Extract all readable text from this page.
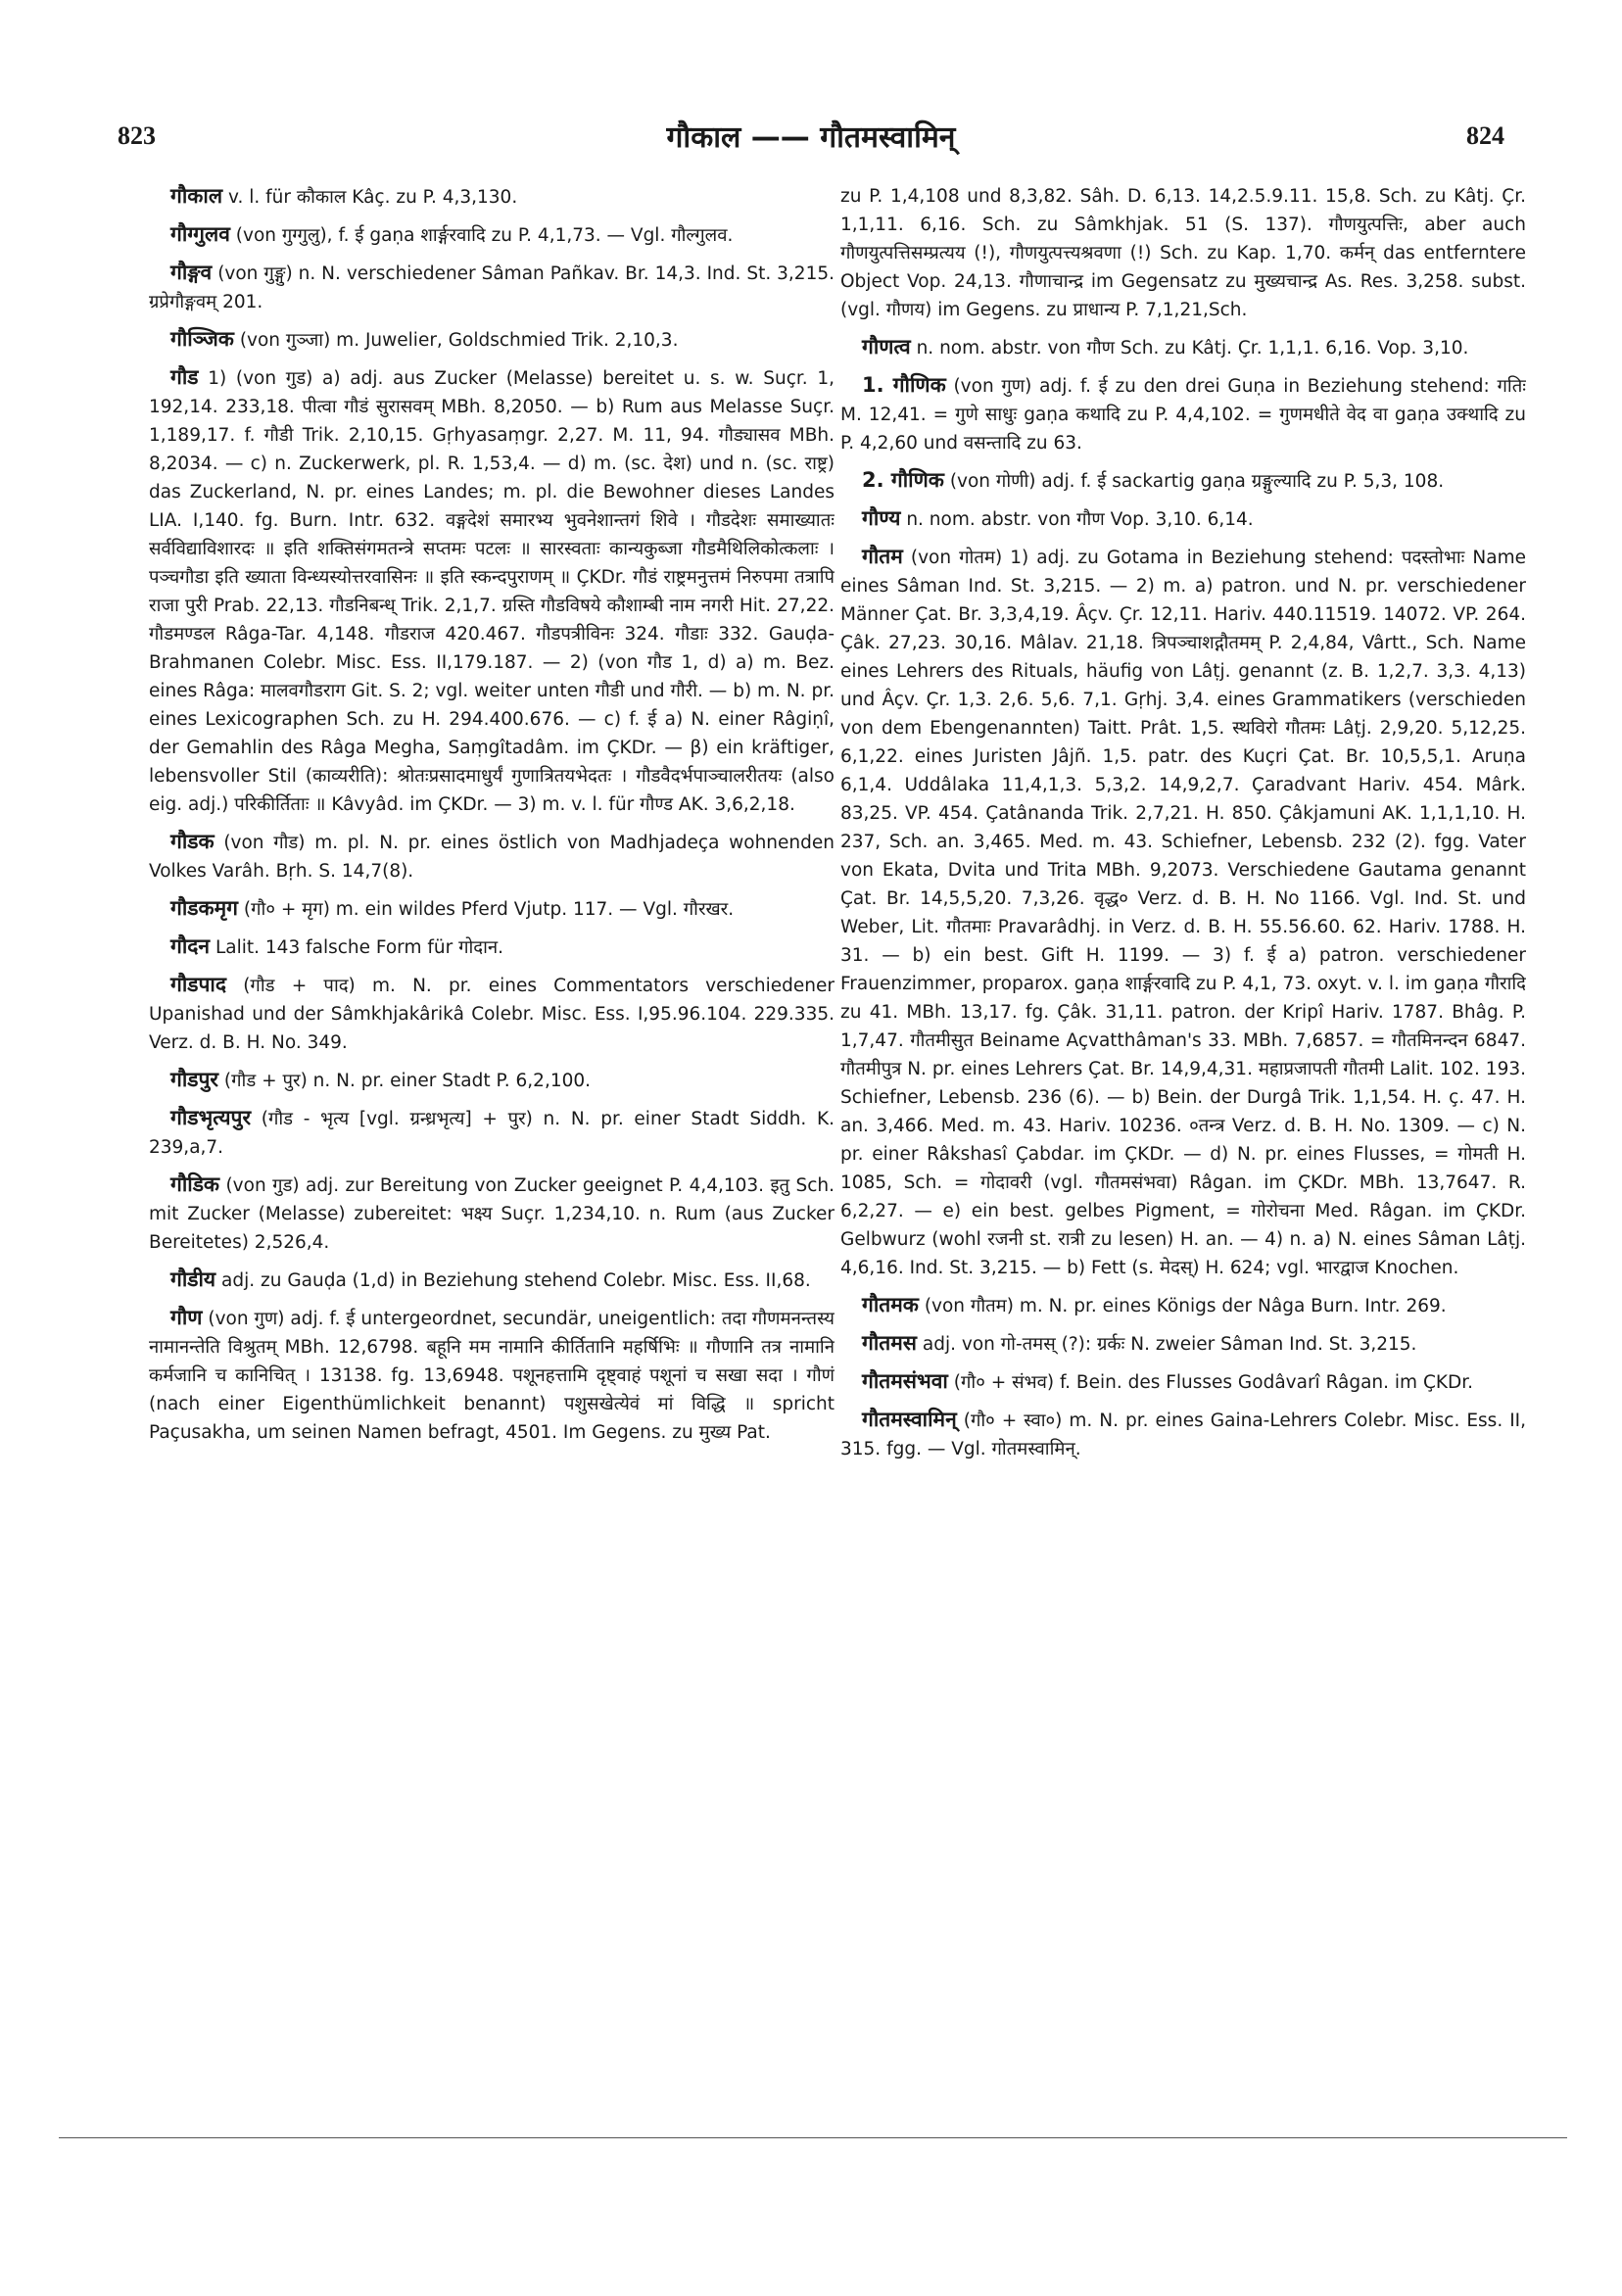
823	गौकाल —— गौतमस्वामिन्	824

गौकाल v. l. für कौकाल Kâç. zu P. 4,3,130.

गौग्गुलव (von गुग्गुलु), f. ई gaṇa शार्ङ्गरवादि zu P. 4,1,73. — Vgl. गौल्गुलव.

गौङ्गव (von गुङ्गु) n. N. verschiedener Sâman Pañkav. Br. 14,3. Ind. St. 3,215. ग्रप्रेगौङ्गवम् 201.

गौञ्जिक (von गुञ्जा) m. Juwelier, Goldschmied Trik. 2,10,3.

गौड 1) (von गुड) a) adj. aus Zucker (Melasse) bereitet u. s. w. Suçr. 1, 192,14. 233,18. पीत्वा गौडं सुरासवम् MBh. 8,2050. — b) Rum aus Melasse Suçr. 1,189,17. f. गौडी Trik. 2,10,15. Gṛhyasaṃgr. 2,27. M. 11, 94. गौड्यासव MBh. 8,2034. — c) n. Zuckerwerk, pl. R. 1,53,4. — d) m. (sc. देश) und n. (sc. राष्ट्र) das Zuckerland, N. pr. eines Landes; m. pl. die Bewohner dieses Landes LIA. I,140. fg. Burn. Intr. 632. वङ्गदेशं समारभ्य भुवनेशान्तगं शिवे । गौडदेशः समाख्यातः सर्वविद्याविशारदः ॥ इति शक्तिसंगमतन्त्रे सप्तमः पटलः ॥ सारस्वताः कान्यकुब्जा गौडमैथिलिकोत्कलाः । पञ्चगौडा इति ख्याता विन्ध्यस्योत्तरवासिनः ॥ इति स्कन्दपुराणम् ॥ ÇKDr. गौडं राष्ट्रमनुत्तमं निरुपमा तत्रापि राजा पुरी Prab. 22,13. गौडनिबन्ध् Trik. 2,1,7. ग्रस्ति गौडविषये कौशाम्बी नाम नगरी Hit. 27,22. गौडमण्डल Râga-Tar. 4,148. गौडराज 420.467. गौडपत्रीविनः 324. गौडाः 332. Gauḍa-Brahmanen Colebr. Misc. Ess. II,179.187. — 2) (von गौड 1, d) a) m. Bez. eines Râga: मालवगौडराग Git. S. 2; vgl. weiter unten गौडी und गौरी. — b) m. N. pr. eines Lexicographen Sch. zu H. 294.400.676. — c) f. ई a) N. einer Râgiṇî, der Gemahlin des Râga Megha, Saṃgîtadâm. im ÇKDr. — β) ein kräftiger, lebensvoller Stil (काव्यरीति): श्रोतःप्रसादमाधुर्यं गुणात्रितयभेदतः । गौडवैदर्भपाञ्चालरीतयः (also eig. adj.) परिकीर्तिताः ॥ Kâvyâd. im ÇKDr. — 3) m. v. l. für गौण्ड AK. 3,6,2,18.

गौडक (von गौड) m. pl. N. pr. eines östlich von Madhjadeça wohnenden Volkes Varâh. Bṛh. S. 14,7(8).

गौडकमृग (गौ० + मृग) m. ein wildes Pferd Vjutp. 117. — Vgl. गौरखर.

गौदन Lalit. 143 falsche Form für गोदान.

गौडपाद (गौड + पाद) m. N. pr. eines Commentators verschiedener Upanishad und der Sâmkhjakârikâ Colebr. Misc. Ess. I,95.96.104. 229.335. Verz. d. B. H. No. 349.

गौडपुर (गौड + पुर) n. N. pr. einer Stadt P. 6,2,100.

गौडभृत्यपुर (गौड - भृत्य [vgl. ग्रन्ध्रभृत्य] + पुर) n. N. pr. einer Stadt Siddh. K. 239,a,7.

गौडिक (von गुड) adj. zur Bereitung von Zucker geeignet P. 4,4,103. इतु Sch. mit Zucker (Melasse) zubereitet: भक्ष्य Suçr. 1,234,10. n. Rum (aus Zucker Bereitetes) 2,526,4.

गौडीय adj. zu Gauḍa (1,d) in Beziehung stehend Colebr. Misc. Ess. II,68.

गौण (von गुण) adj. f. ई untergeordnet, secundär, uneigentlich: तदा गौणमनन्तस्य नामानन्तेति विश्रुतम् MBh. 12,6798. बहूनि मम नामानि कीर्तितानि महर्षिभिः ॥ गौणानि तत्र नामानि कर्मजानि च कानिचित् । 13138. fg. 13,6948. पशूनहत्तामि दृष्ट्वाहं पशूनां च सखा सदा । गौणं (nach einer Eigenthümlichkeit benannt) पशुसखेत्येवं मां विद्धि ॥ spricht Paçusakha, um seinen Namen befragt, 4501. Im Gegens. zu मुख्य Pat.

zu P. 1,4,108 und 8,3,82. Sâh. D. 6,13. 14,2.5.9.11. 15,8. Sch. zu Kâtj. Çr. 1,1,11. 6,16. Sch. zu Sâmkhjak. 51 (S. 137). गौणयुत्पत्तिः, aber auch गौणयुत्पत्तिसम्प्रत्यय (!), गौणयुत्पत्त्यश्रवणा (!) Sch. zu Kap. 1,70. कर्मन् das entferntere Object Vop. 24,13. गौणाचान्द्र im Gegensatz zu मुख्यचान्द्र As. Res. 3,258. subst. (vgl. गौणय) im Gegens. zu प्राधान्य P. 7,1,21,Sch.

गौणत्व n. nom. abstr. von गौण Sch. zu Kâtj. Çr. 1,1,1. 6,16. Vop. 3,10.

1. गौणिक (von गुण) adj. f. ई zu den drei Guṇa in Beziehung stehend: गतिः M. 12,41. = गुणे साधुः gaṇa कथादि zu P. 4,4,102. = गुणमधीते वेद वा gaṇa उक्थादि zu P. 4,2,60 und वसन्तादि zu 63.

2. गौणिक (von गोणी) adj. f. ई sackartig gaṇa ग्रङ्गुल्यादि zu P. 5,3, 108.

गौण्य n. nom. abstr. von गौण Vop. 3,10. 6,14.

गौतम (von गोतम) 1) adj. zu Gotama in Beziehung stehend: पदस्तोभाः Name eines Sâman Ind. St. 3,215. — 2) m. a) patron. und N. pr. verschiedener Männer Çat. Br. 3,3,4,19. Âçv. Çr. 12,11. Hariv. 440.11519. 14072. VP. 264. Çâk. 27,23. 30,16. Mâlav. 21,18. त्रिपञ्चाशद्गौतमम् P. 2,4,84, Vârtt., Sch. Name eines Lehrers des Rituals, häufig von Lâṭj. genannt (z. B. 1,2,7. 3,3. 4,13) und Âçv. Çr. 1,3. 2,6. 5,6. 7,1. Gṛhj. 3,4. eines Grammatikers (verschieden von dem Ebengenannten) Taitt. Prât. 1,5. स्थविरो गौतमः Lâṭj. 2,9,20. 5,12,25. 6,1,22. eines Juristen Jâjñ. 1,5. patr. des Kuçri Çat. Br. 10,5,5,1. Aruṇa 6,1,4. Uddâlaka 11,4,1,3. 5,3,2. 14,9,2,7. Çaradvant Hariv. 454. Mârk. 83,25. VP. 454. Çatânanda Trik. 2,7,21. H. 850. Çâkjamuni AK. 1,1,1,10. H. 237, Sch. an. 3,465. Med. m. 43. Schiefner, Lebensb. 232 (2). fgg. Vater von Ekata, Dvita und Trita MBh. 9,2073. Verschiedene Gautama genannt Çat. Br. 14,5,5,20. 7,3,26. वृद्ध० Verz. d. B. H. No 1166. Vgl. Ind. St. und Weber, Lit. गौतमाः Pravarâdhj. in Verz. d. B. H. 55.56.60. 62. Hariv. 1788. H. 31. — b) ein best. Gift H. 1199. — 3) f. ई a) patron. verschiedener Frauenzimmer, proparox. gaṇa शार्ङ्गरवादि zu P. 4,1, 73. oxyt. v. l. im gaṇa गौरादि zu 41. MBh. 13,17. fg. Çâk. 31,11. patron. der Kripî Hariv. 1787. Bhâg. P. 1,7,47. गौतमीसुत Beiname Açvatthâman's 33. MBh. 7,6857. = गौतमिनन्दन 6847. गौतमीपुत्र N. pr. eines Lehrers Çat. Br. 14,9,4,31. महाप्रजापती गौतमी Lalit. 102. 193. Schiefner, Lebensb. 236 (6). — b) Bein. der Durgâ Trik. 1,1,54. H. ç. 47. H. an. 3,466. Med. m. 43. Hariv. 10236. ०तन्त्र Verz. d. B. H. No. 1309. — c) N. pr. einer Râkshasî Çabdar. im ÇKDr. — d) N. pr. eines Flusses, = गोमती H. 1085, Sch. = गोदावरी (vgl. गौतमसंभवा) Râgan. im ÇKDr. MBh. 13,7647. R. 6,2,27. — e) ein best. gelbes Pigment, = गोरोचना Med. Râgan. im ÇKDr. Gelbwurz (wohl रजनी st. रात्री zu lesen) H. an. — 4) n. a) N. eines Sâman Lâṭj. 4,6,16. Ind. St. 3,215. — b) Fett (s. मेदस्) H. 624; vgl. भारद्वाज Knochen.

गौतमक (von गौतम) m. N. pr. eines Königs der Nâga Burn. Intr. 269.

गौतमस adj. von गो-तमस् (?): ग्रर्कः N. zweier Sâman Ind. St. 3,215.

गौतमसंभवा (गौ० + संभव) f. Bein. des Flusses Godâvarî Râgan. im ÇKDr.

गौतमस्वामिन् (गौ० + स्वा०) m. N. pr. eines Gaina-Lehrers Colebr. Misc. Ess. II, 315. fgg. — Vgl. गोतमस्वामिन्.
